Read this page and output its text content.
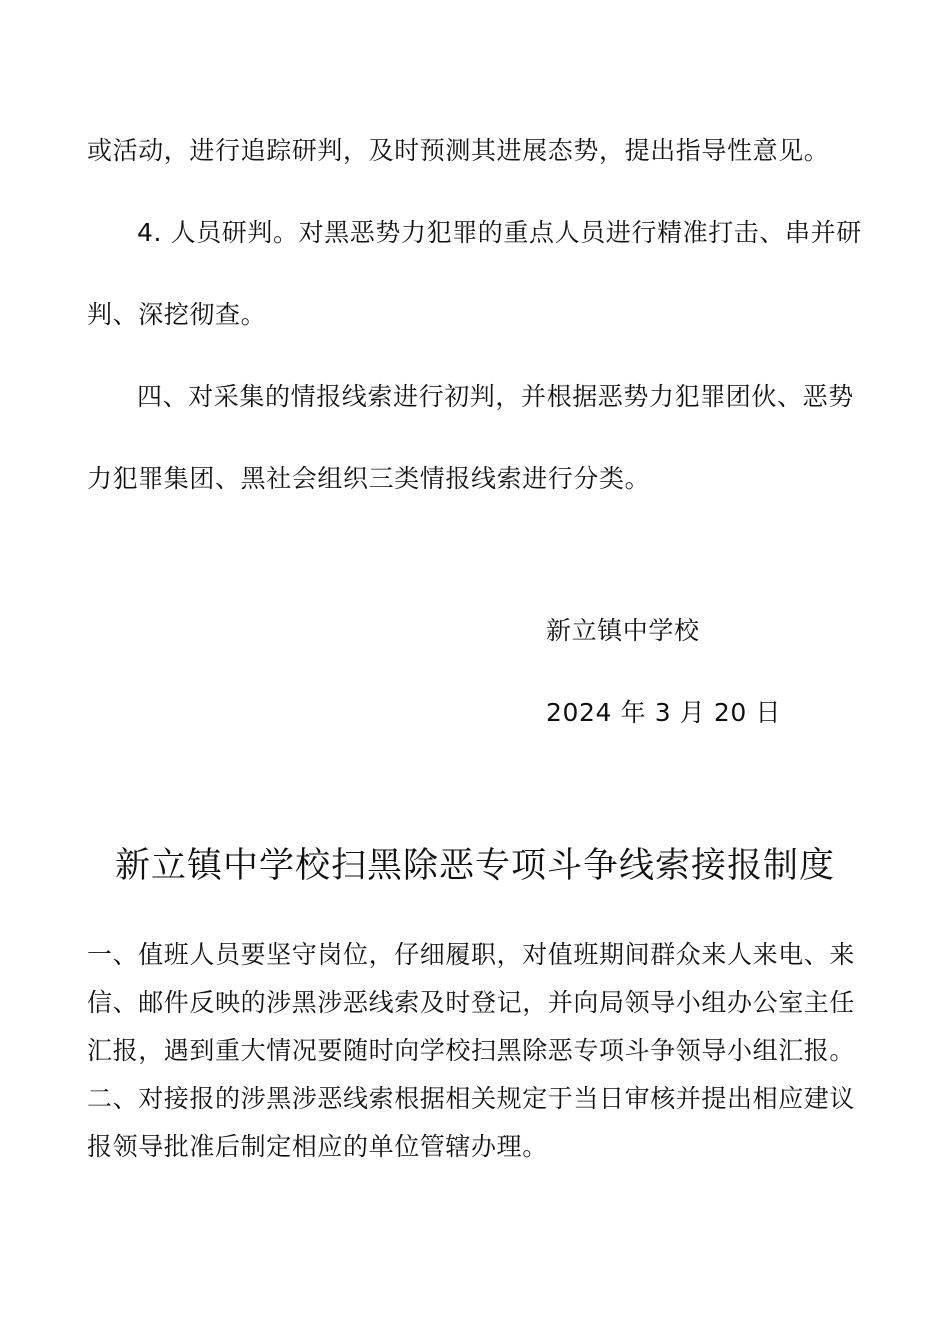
或活动，进行追踪研判，及时预测其进展态势，提出指导性意见。
4. 人员研判。对黑恶势力犯罪的重点人员进行精准打击、串并研
判、深挖彻查。
四、对采集的情报线索进行初判，并根据恶势力犯罪团伙、恶势
力犯罪集团、黑社会组织三类情报线索进行分类。
新立镇中学校
2024 年 3 月 20 日
新立镇中学校扫黑除恶专项斗争线索接报制度
一、值班人员要坚守岗位，仔细履职，对值班期间群众来人来电、来
信、邮件反映的涉黑涉恶线索及时登记，并向局领导小组办公室主任
汇报，遇到重大情况要随时向学校扫黑除恶专项斗争领导小组汇报。
二、对接报的涉黑涉恶线索根据相关规定于当日审核并提出相应建议
报领导批准后制定相应的单位管辖办理。
